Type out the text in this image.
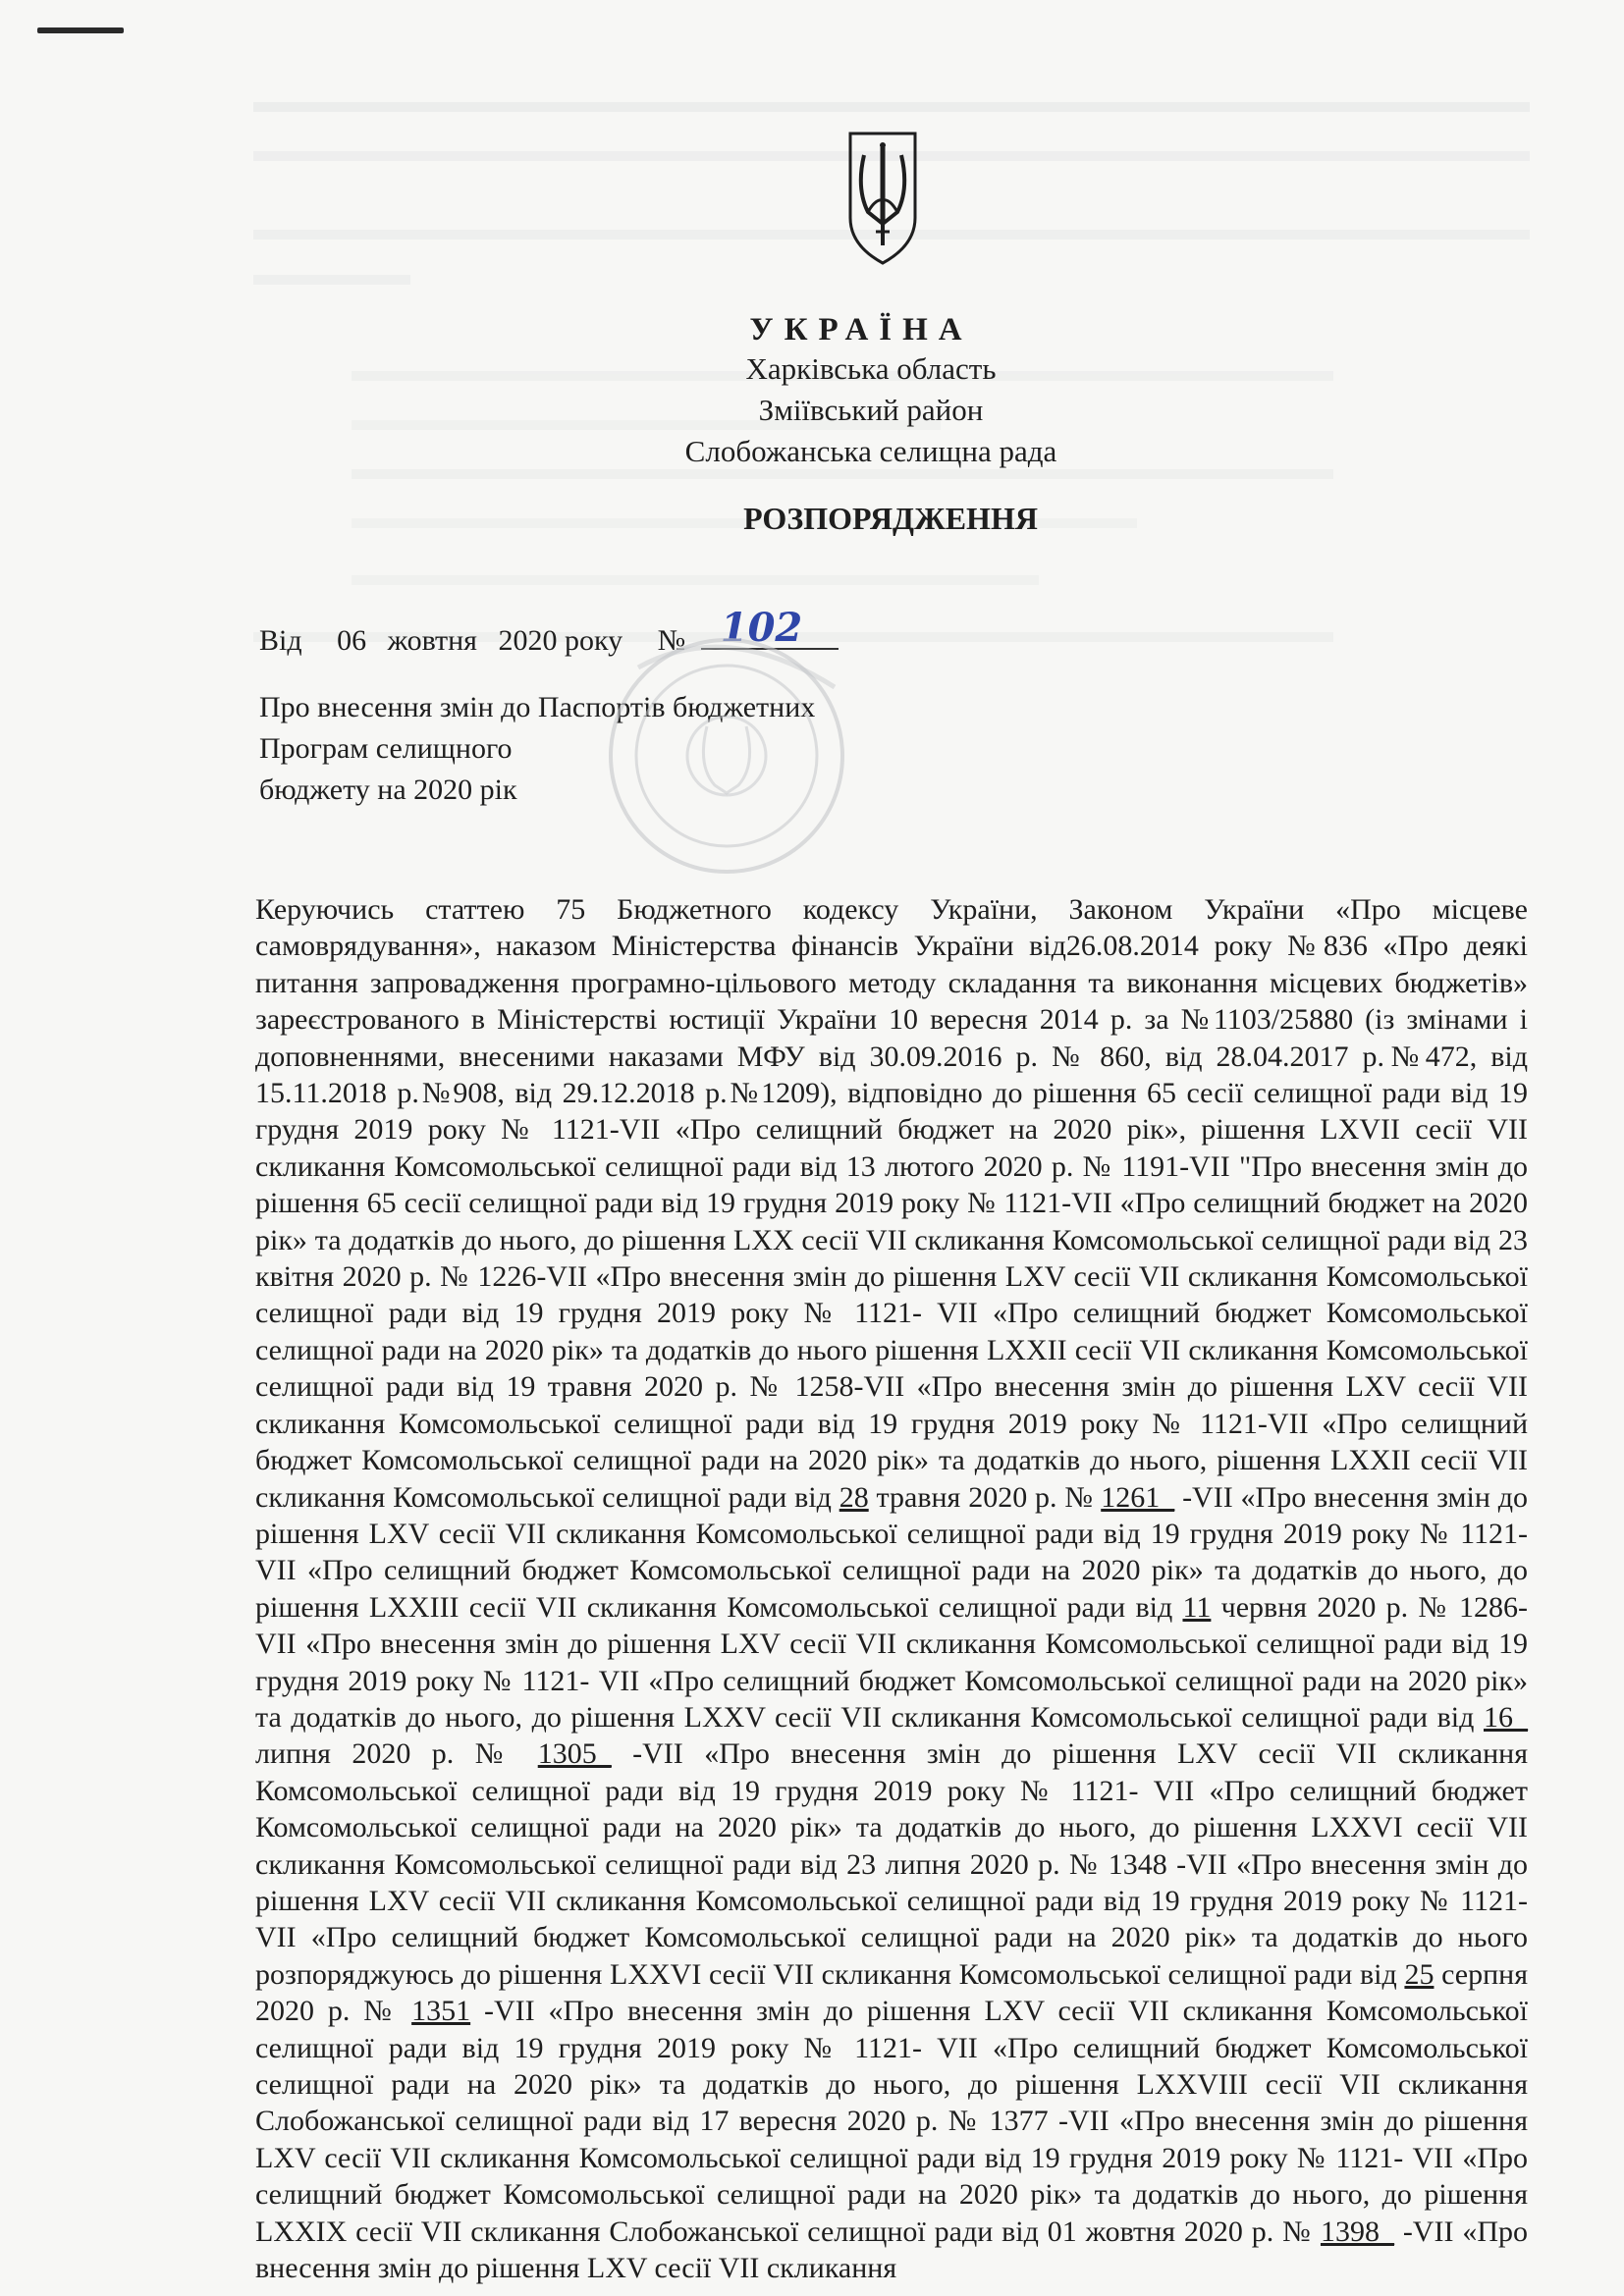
УКРАЇНА
Харківська область
Зміївський район
Слобожанська селищна рада
РОЗПОРЯДЖЕННЯ
Від 06 жовтня 2020 року № 102
Про внесення змін до Паспортів бюджетних
Програм селищного
бюджету на 2020 рік

Керуючись статтею 75 Бюджетного кодексу України, Законом України «Про місцеве самоврядування», наказом Міністерства фінансів України від26.08.2014 року №836 «Про деякі питання запровадження програмно-цільового методу складання та виконання місцевих бюджетів» зареєстрованого в Міністерстві юстиції України 10 вересня 2014 р. за №1103/25880 (із змінами і доповненнями, внесеними наказами МФУ від 30.09.2016 р. № 860, від 28.04.2017 р.№472, від 15.11.2018 р.№908, від 29.12.2018 р.№1209), відповідно до рішення 65 сесії селищної ради від 19 грудня 2019 року № 1121-VII «Про селищний бюджет на 2020 рік», рішення LXVII сесії VII скликання Комсомольської селищної ради від 13 лютого 2020 р. № 1191-VII "Про внесення змін до рішення 65 сесії селищної ради від 19 грудня 2019 року № 1121-VII «Про селищний бюджет на 2020 рік» та додатків до нього, до рішення LXX сесії VII скликання Комсомольської селищної ради від 23 квітня 2020 р. № 1226-VII «Про внесення змін до рішення LXV сесії VII скликання Комсомольської селищної ради від 19 грудня 2019 року № 1121- VII «Про селищний бюджет Комсомольської селищної ради на 2020 рік» та додатків до нього рішення LXXII сесії VII скликання Комсомольської селищної ради від 19 травня 2020 р. № 1258-VII «Про внесення змін до рішення LXV сесії VII скликання Комсомольської селищної ради від 19 грудня 2019 року № 1121-VII «Про селищний бюджет Комсомольської селищної ради на 2020 рік» та додатків до нього, рішення LXXII сесії VII скликання Комсомольської селищної ради від 28 травня 2020 р. № 1261_ -VII «Про внесення змін до рішення LXV сесії VII скликання Комсомольської селищної ради від 19 грудня 2019 року № 1121- VII «Про селищний бюджет Комсомольської селищної ради на 2020 рік» та додатків до нього, до рішення LXXIII сесії VII скликання Комсомольської селищної ради від 11 червня 2020 р. № 1286-VII «Про внесення змін до рішення LXV сесії VII скликання Комсомольської селищної ради від 19 грудня 2019 року № 1121- VII «Про селищний бюджет Комсомольської селищної ради на 2020 рік» та додатків до нього, до рішення LXXV сесії VII скликання Комсомольської селищної ради від 16_ липня 2020 р. № 1305_ -VII «Про внесення змін до рішення LXV сесії VII скликання Комсомольської селищної ради від 19 грудня 2019 року № 1121- VII «Про селищний бюджет Комсомольської селищної ради на 2020 рік» та додатків до нього, до рішення LXXVI сесії VII скликання Комсомольської селищної ради від 23 липня 2020 р. № 1348 -VII «Про внесення змін до рішення LXV сесії VII скликання Комсомольської селищної ради від 19 грудня 2019 року № 1121- VII «Про селищний бюджет Комсомольської селищної ради на 2020 рік» та додатків до нього розпоряджуюсь до рішення LXXVI сесії VII скликання Комсомольської селищної ради від 25 серпня 2020 р. № 1351 -VII «Про внесення змін до рішення LXV сесії VII скликання Комсомольської селищної ради від 19 грудня 2019 року № 1121- VII «Про селищний бюджет Комсомольської селищної ради на 2020 рік» та додатків до нього, до рішення LXXVIII сесії VII скликання Слобожанської селищної ради від 17 вересня 2020 р. № 1377 -VII «Про внесення змін до рішення LXV сесії VII скликання Комсомольської селищної ради від 19 грудня 2019 року № 1121- VII «Про селищний бюджет Комсомольської селищної ради на 2020 рік» та додатків до нього, до рішення LXXIX сесії VII скликання Слобожанської селищної ради від 01 жовтня 2020 р. № 1398_ -VII «Про внесення змін до рішення LXV сесії VII скликання
